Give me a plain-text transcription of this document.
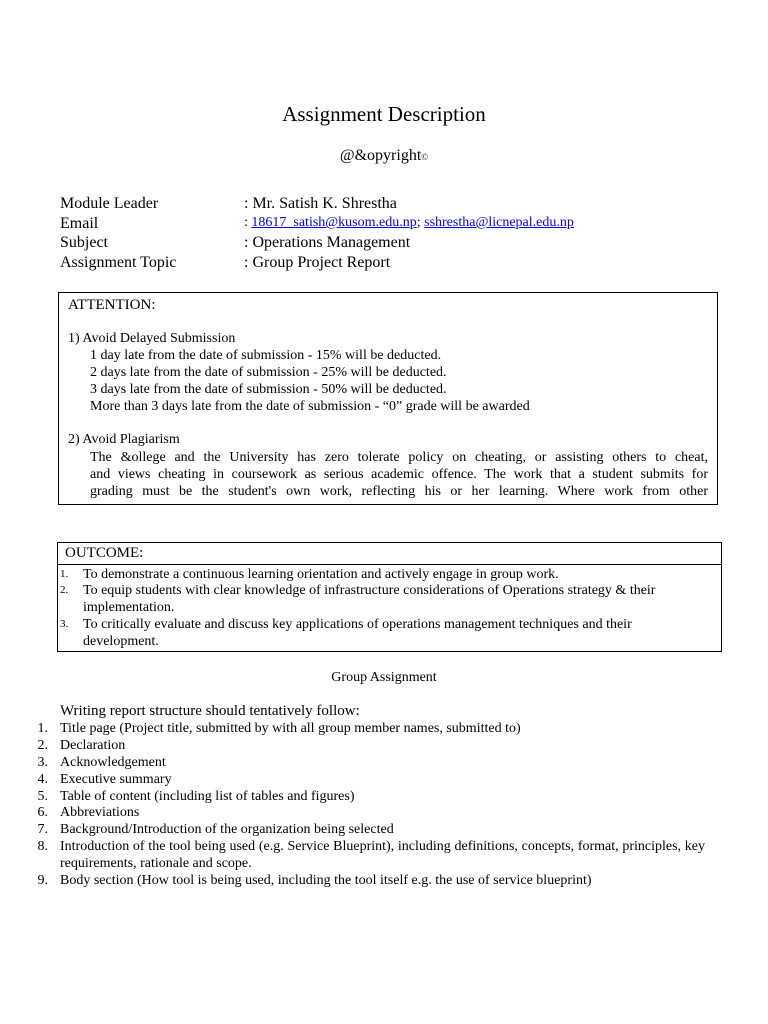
Assignment Description
@&opyright©
Module Leader	: Mr. Satish K. Shrestha
Email	: 18617_satish@kusom.edu.np; sshrestha@licnepal.edu.np
Subject	: Operations Management
Assignment Topic	: Group Project Report
ATTENTION:
1) Avoid Delayed Submission
1 day late from the date of submission - 15% will be deducted.
2 days late from the date of submission - 25% will be deducted.
3 days late from the date of submission - 50% will be deducted.
More than 3 days late from the date of submission - “0” grade will be awarded
2) Avoid Plagiarism
The &ollege and the University has zero tolerate policy on cheating, or assisting others to cheat,
and views cheating in coursework as serious academic offence. The work that a student submits for
grading must be the student's own work, reflecting his or her learning. Where work from other
OUTCOME:
1. To demonstrate a continuous learning orientation and actively engage in group work.
2. To equip students with clear knowledge of infrastructure considerations of Operations strategy & their implementation.
3. To critically evaluate and discuss key applications of operations management techniques and their development.
Group Assignment
Writing report structure should tentatively follow:
1. Title page (Project title, submitted by with all group member names, submitted to)
2. Declaration
3. Acknowledgement
4. Executive summary
5. Table of content (including list of tables and figures)
6. Abbreviations
7. Background/Introduction of the organization being selected
8. Introduction of the tool being used (e.g. Service Blueprint), including definitions, concepts, format, principles, key requirements, rationale and scope.
9. Body section (How tool is being used, including the tool itself e.g. the use of service blueprint)
